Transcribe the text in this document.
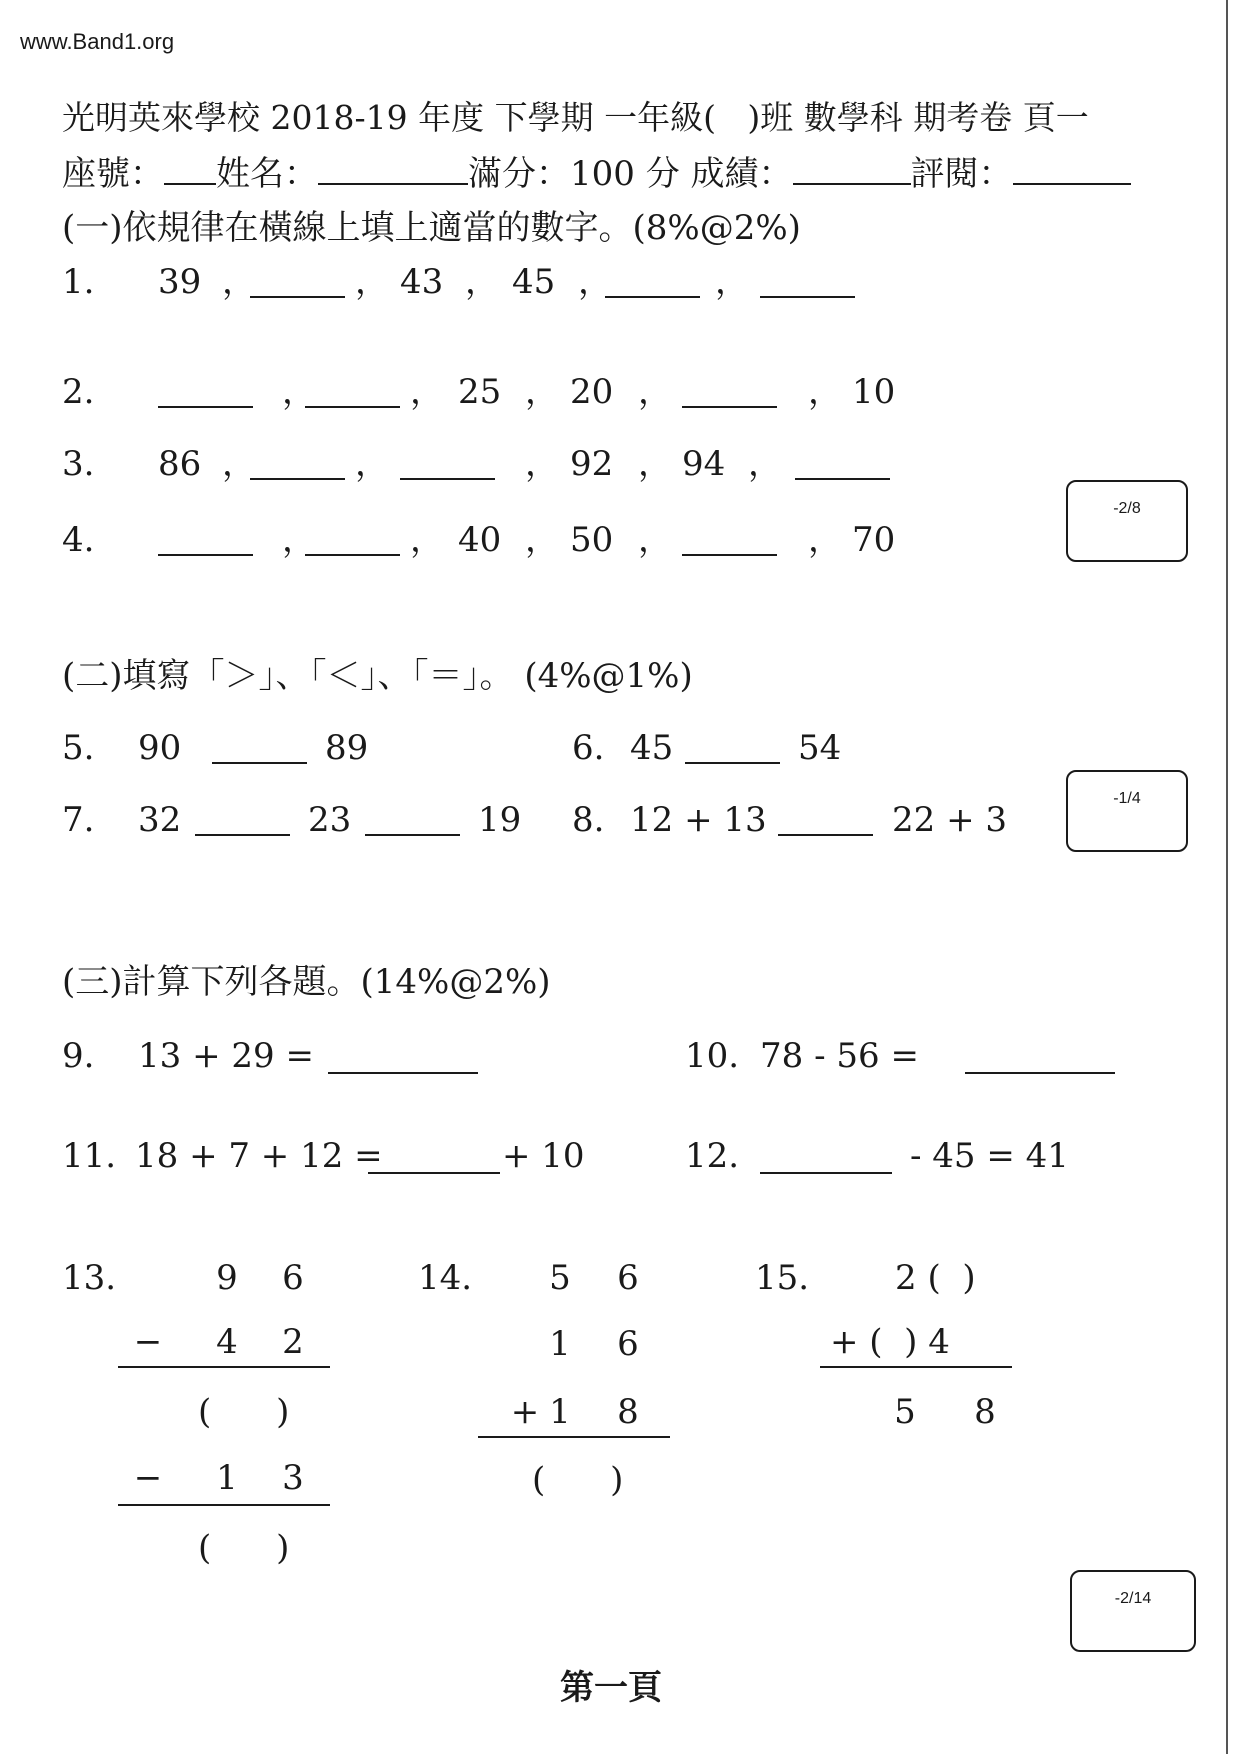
www.Band1.org
光明英來學校 2018-19 年度 下學期 一年級(   )班 數學科 期考卷 頁一
座號： 姓名：	滿分：100 分 成績：	評閱：
(一)依規律在橫線上填上適當的數字。(8%@2%)
1. 39 ，	， 43 ， 45 ，	，
2.	，	， 25 ， 20 ，	， 10
3. 86 ，	，	， 92 ， 94 ，
4.	，	， 40 ， 50 ，	， 70
-2/8
(二)填寫「＞」、「＜」、「＝」。 (4%@1%)
5. 90	89	6. 45	54
7. 32	23	19 8. 12 + 13	22 + 3
-1/4
(三)計算下列各題。(14%@2%)
9. 13 + 29 =	10. 78 - 56 =
11. 18 + 7 + 12 =	+ 10	12.	- 45 = 41
13.	9 6
− 4 2
(      )
− 1 3
(      )
14. 5 6
1 6
+ 1 8
(      )
15.	2 (  )
+ (  ) 4
5 8
-2/14
第一頁
